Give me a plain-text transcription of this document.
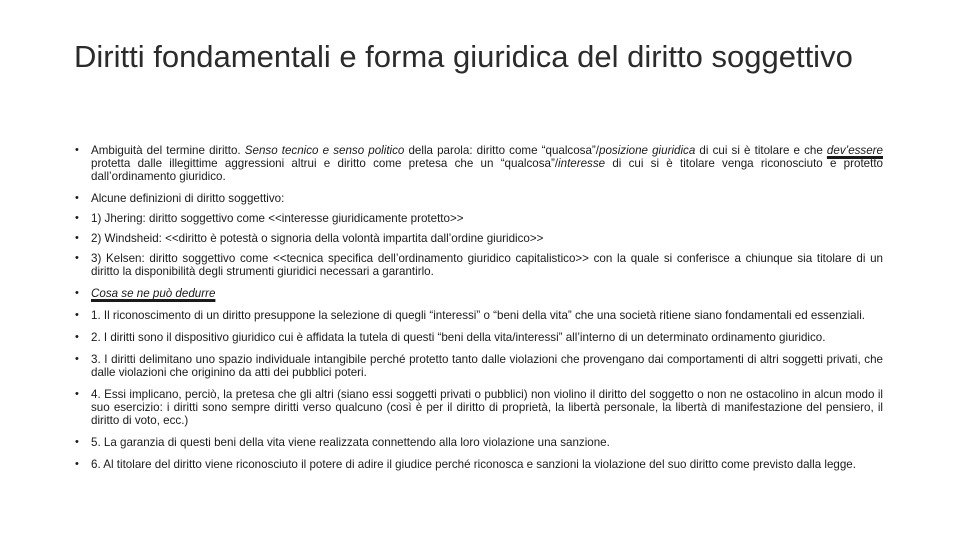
Diritti fondamentali e forma giuridica del diritto soggettivo
• Ambiguità del termine diritto. Senso tecnico e senso politico della parola: diritto come “qualcosa”/posizione giuridica di cui si è titolare e che dev’essere protetta dalle illegittime aggressioni altrui e diritto come pretesa che un “qualcosa”/interesse di cui si è titolare venga riconosciuto e protetto dall’ordinamento giuridico.
• Alcune definizioni di diritto soggettivo:
• 1) Jhering: diritto soggettivo come <<interesse giuridicamente protetto>>
• 2) Windsheid: <<diritto è potestà o signoria della volontà impartita dall’ordine giuridico>>
• 3) Kelsen: diritto soggettivo come <<tecnica specifica dell’ordinamento giuridico capitalistico>> con la quale si conferisce a chiunque sia titolare di un diritto la disponibilità degli strumenti giuridici necessari a garantirlo.
• Cosa se ne può dedurre
• 1. Il riconoscimento di un diritto presuppone la selezione di quegli “interessi” o “beni della vita” che una società ritiene siano fondamentali ed essenziali.
• 2. I diritti sono il dispositivo giuridico cui è affidata la tutela di questi “beni della vita/interessi” all’interno di un determinato ordinamento giuridico.
• 3. I diritti delimitano uno spazio individuale intangibile perché protetto tanto dalle violazioni che provengano dai comportamenti di altri soggetti privati, che dalle violazioni che originino da atti dei pubblici poteri.
• 4. Essi implicano, perciò, la pretesa che gli altri (siano essi soggetti privati o pubblici) non violino il diritto del soggetto o non ne ostacolino in alcun modo il suo esercizio: i diritti sono sempre diritti verso qualcuno (così è per il diritto di proprietà, la libertà personale, la libertà di manifestazione del pensiero, il diritto di voto, ecc.)
• 5. La garanzia di questi beni della vita viene realizzata connettendo alla loro violazione una sanzione.
• 6. Al titolare del diritto viene riconosciuto il potere di adire il giudice perché riconosca e sanzioni la violazione del suo diritto come previsto dalla legge.
